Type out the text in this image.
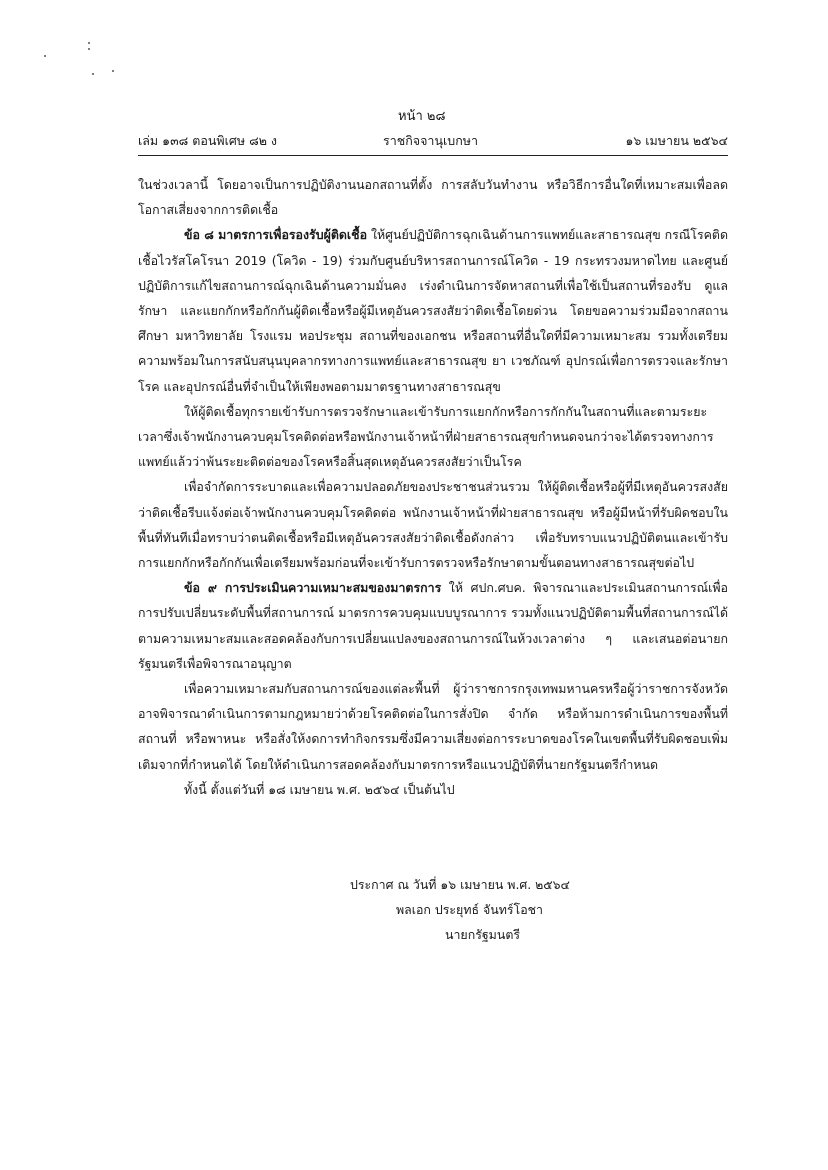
หน้า ๒๘
เล่ม ๑๓๘ ตอนพิเศษ ๘๒ ง	ราชกิจจานุเบกษา	๑๖ เมษายน ๒๕๖๔

ในช่วงเวลานี้ โดยอาจเป็นการปฏิบัติงานนอกสถานที่ตั้ง การสลับวันทำงาน หรือวิธีการอื่นใดที่เหมาะสมเพื่อลดโอกาสเสี่ยงจากการติดเชื้อ

ข้อ ๘ มาตรการเพื่อรองรับผู้ติดเชื้อ ให้ศูนย์ปฏิบัติการฉุกเฉินด้านการแพทย์และสาธารณสุข กรณีโรคติดเชื้อไวรัสโคโรนา 2019 (โควิด - 19) ร่วมกับศูนย์บริหารสถานการณ์โควิด - 19 กระทรวงมหาดไทย และศูนย์ปฏิบัติการแก้ไขสถานการณ์ฉุกเฉินด้านความมั่นคง เร่งดำเนินการจัดหาสถานที่เพื่อใช้เป็นสถานที่รองรับ ดูแลรักษา และแยกกักหรือกักกันผู้ติดเชื้อหรือผู้มีเหตุอันควรสงสัยว่าติดเชื้อโดยด่วน โดยขอความร่วมมือจากสถานศึกษา มหาวิทยาลัย โรงแรม หอประชุม สถานที่ของเอกชน หรือสถานที่อื่นใดที่มีความเหมาะสม รวมทั้งเตรียมความพร้อมในการสนับสนุนบุคลากรทางการแพทย์และสาธารณสุข ยา เวชภัณฑ์ อุปกรณ์เพื่อการตรวจและรักษาโรค และอุปกรณ์อื่นที่จำเป็นให้เพียงพอตามมาตรฐานทางสาธารณสุข

ให้ผู้ติดเชื้อทุกรายเข้ารับการตรวจรักษาและเข้ารับการแยกกักหรือการกักกันในสถานที่และตามระยะเวลาซึ่งเจ้าพนักงานควบคุมโรคติดต่อหรือพนักงานเจ้าหน้าที่ฝ่ายสาธารณสุขกำหนดจนกว่าจะได้ตรวจทางการแพทย์แล้วว่าพ้นระยะติดต่อของโรคหรือสิ้นสุดเหตุอันควรสงสัยว่าเป็นโรค

เพื่อจำกัดการระบาดและเพื่อความปลอดภัยของประชาชนส่วนรวม ให้ผู้ติดเชื้อหรือผู้ที่มีเหตุอันควรสงสัยว่าติดเชื้อรีบแจ้งต่อเจ้าพนักงานควบคุมโรคติดต่อ พนักงานเจ้าหน้าที่ฝ่ายสาธารณสุข หรือผู้มีหน้าที่รับผิดชอบในพื้นที่ทันทีเมื่อทราบว่าตนติดเชื้อหรือมีเหตุอันควรสงสัยว่าติดเชื้อดังกล่าว เพื่อรับทราบแนวปฏิบัติตนและเข้ารับการแยกกักหรือกักกันเพื่อเตรียมพร้อมก่อนที่จะเข้ารับการตรวจหรือรักษาตามขั้นตอนทางสาธารณสุขต่อไป

ข้อ ๙ การประเมินความเหมาะสมของมาตรการ ให้ ศปก.ศบค. พิจารณาและประเมินสถานการณ์เพื่อการปรับเปลี่ยนระดับพื้นที่สถานการณ์ มาตรการควบคุมแบบบูรณาการ รวมทั้งแนวปฏิบัติตามพื้นที่สถานการณ์ได้ตามความเหมาะสมและสอดคล้องกับการเปลี่ยนแปลงของสถานการณ์ในห้วงเวลาต่าง ๆ และเสนอต่อนายกรัฐมนตรีเพื่อพิจารณาอนุญาต

เพื่อความเหมาะสมกับสถานการณ์ของแต่ละพื้นที่ ผู้ว่าราชการกรุงเทพมหานครหรือผู้ว่าราชการจังหวัดอาจพิจารณาดำเนินการตามกฎหมายว่าด้วยโรคติดต่อในการสั่งปิด จำกัด หรือห้ามการดำเนินการของพื้นที่ สถานที่ หรือพาหนะ หรือสั่งให้งดการทำกิจกรรมซึ่งมีความเสี่ยงต่อการระบาดของโรคในเขตพื้นที่รับผิดชอบเพิ่มเติมจากที่กำหนดได้ โดยให้ดำเนินการสอดคล้องกับมาตรการหรือแนวปฏิบัติที่นายกรัฐมนตรีกำหนด

ทั้งนี้ ตั้งแต่วันที่ ๑๘ เมษายน พ.ศ. ๒๕๖๔ เป็นต้นไป

ประกาศ ณ วันที่ ๑๖ เมษายน พ.ศ. ๒๕๖๔
พลเอก ประยุทธ์ จันทร์โอชา
นายกรัฐมนตรี
